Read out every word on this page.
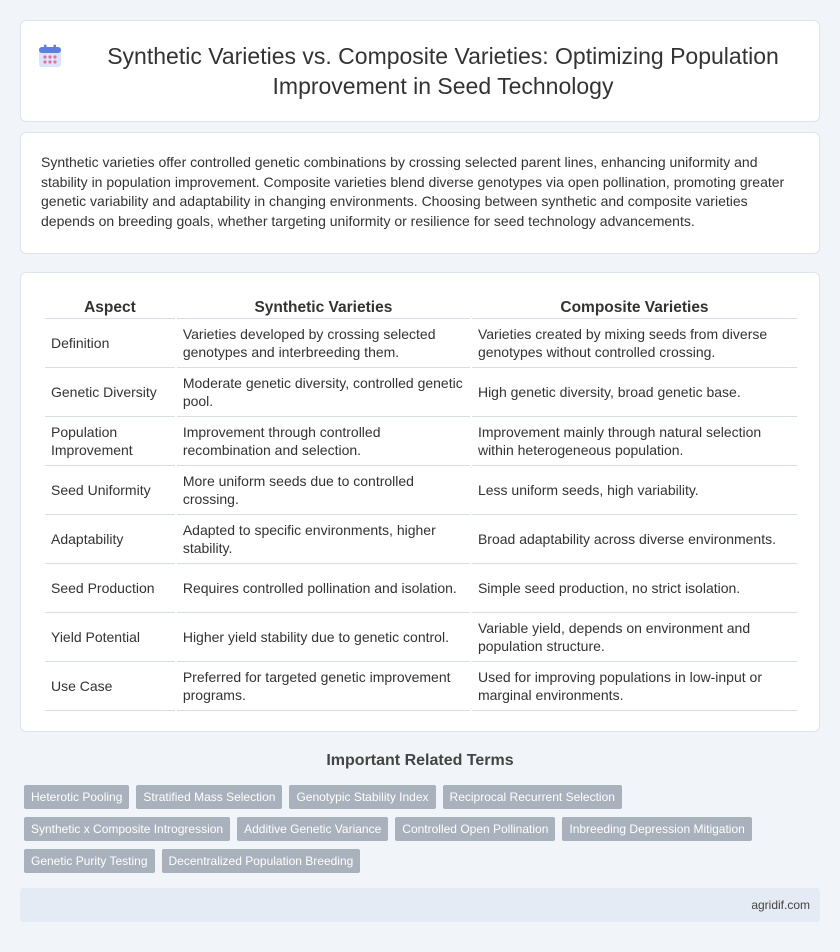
Synthetic Varieties vs. Composite Varieties: Optimizing Population Improvement in Seed Technology

Synthetic varieties offer controlled genetic combinations by crossing selected parent lines, enhancing uniformity and stability in population improvement. Composite varieties blend diverse genotypes via open pollination, promoting greater genetic variability and adaptability in changing environments. Choosing between synthetic and composite varieties depends on breeding goals, whether targeting uniformity or resilience for seed technology advancements.

Aspect	Synthetic Varieties	Composite Varieties
Definition	Varieties developed by crossing selected genotypes and interbreeding them.	Varieties created by mixing seeds from diverse genotypes without controlled crossing.
Genetic Diversity	Moderate genetic diversity, controlled genetic pool.	High genetic diversity, broad genetic base.
Population Improvement	Improvement through controlled recombination and selection.	Improvement mainly through natural selection within heterogeneous population.
Seed Uniformity	More uniform seeds due to controlled crossing.	Less uniform seeds, high variability.
Adaptability	Adapted to specific environments, higher stability.	Broad adaptability across diverse environments.
Seed Production	Requires controlled pollination and isolation.	Simple seed production, no strict isolation.
Yield Potential	Higher yield stability due to genetic control.	Variable yield, depends on environment and population structure.
Use Case	Preferred for targeted genetic improvement programs.	Used for improving populations in low-input or marginal environments.
Important Related Terms
Heterotic Pooling	Stratified Mass Selection	Genotypic Stability Index	Reciprocal Recurrent Selection
Synthetic x Composite Introgression	Additive Genetic Variance	Controlled Open Pollination	Inbreeding Depression Mitigation
Genetic Purity Testing	Decentralized Population Breeding
agridif.com
